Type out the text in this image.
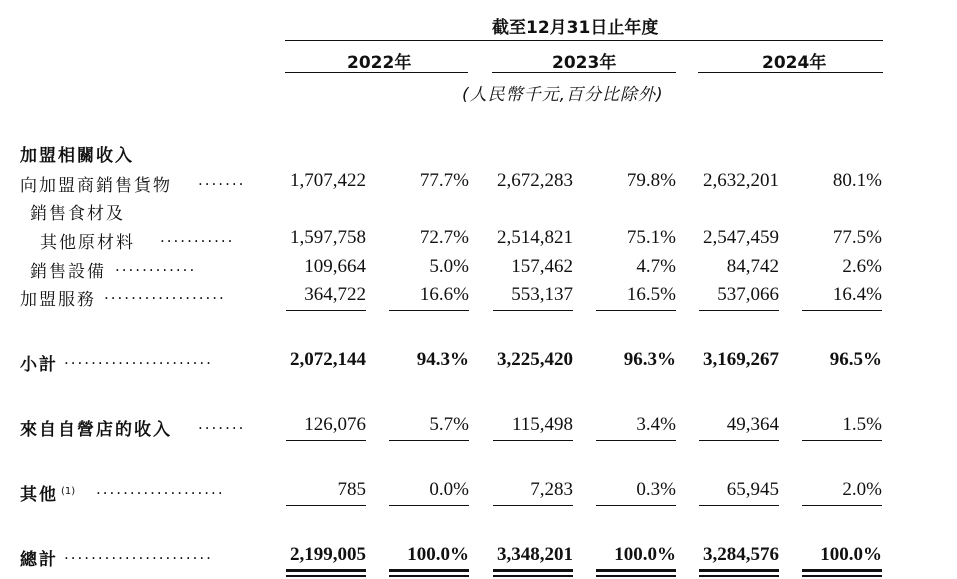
截至12月31日止年度
2022年	2023年	2024年
(人民幣千元,百分比除外)
加盟相關收入
向加盟商銷售貨物 ....... 1,707,422	77.7% 2,672,283	79.8% 2,632,201	80.1%
銷售食材及
其他原材料 ...........	1,597,758	72.7% 2,514,821	75.1% 2,547,459	77.5%
銷售設備 ............	109,664	5.0% 157,462	4.7%	84,742	2.6%
加盟服務 ..................	364,722	16.6% 553,137	16.5% 537,066	16.4%
小計 ......................	2,072,144	94.3% 3,225,420	96.3% 3,169,267	96.5%
來自自營店的收入 .......	126,076	5.7% 115,498	3.4%	49,364	1.5%
其他 $^{(1)}$ ...................	785	0.0%	7,283	0.3%	65,945	2.0%
總計 ......................	2,199,005 100.0% 3,348,201 100.0% 3,284,576 100.0%
